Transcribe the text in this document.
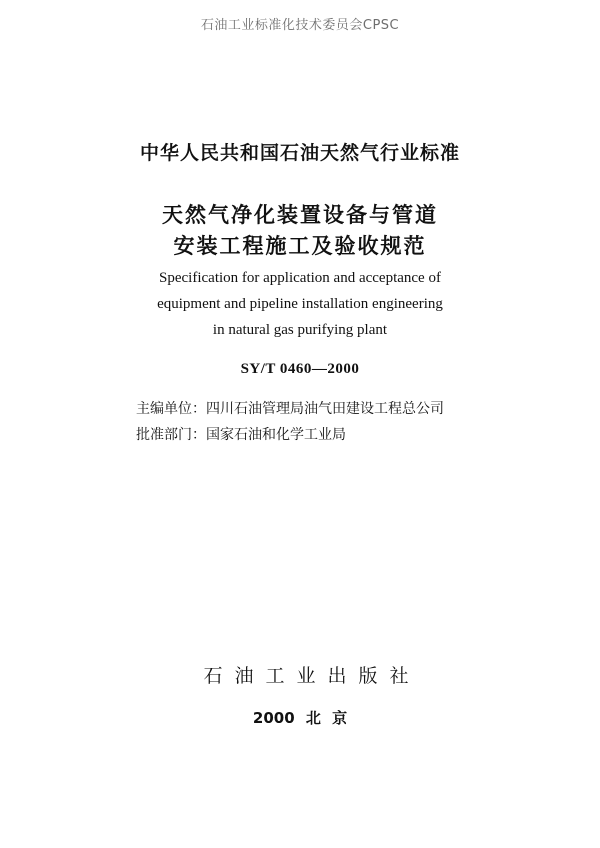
石油工业标准化技术委员会CPSC
中华人民共和国石油天然气行业标准
天然气净化装置设备与管道
安装工程施工及验收规范
Specification for application and acceptance of
equipment and pipeline installation engineering
in natural gas purifying plant
SY/T 0460—2000
主编单位：四川石油管理局油气田建设工程总公司
批准部门：国家石油和化学工业局
石油工业出版社
2000 北 京
